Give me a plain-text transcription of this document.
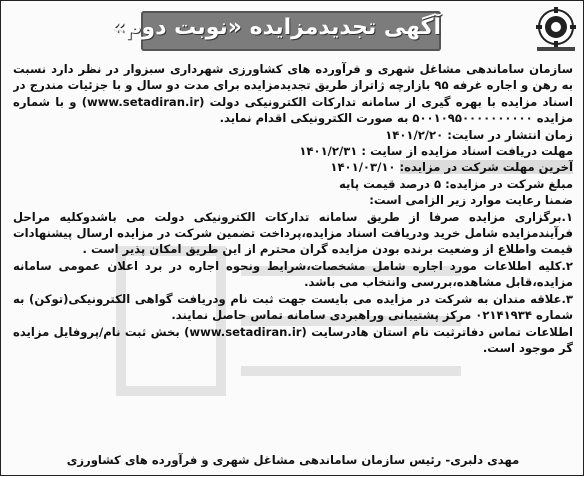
آگهی تجدیدمزایده «نوبت دوم»

سازمان ساماندهی مشاغل شهری و فرآورده های کشاورزی شهرداری سبزوار در نظر دارد نسبت به رهن و اجاره غرفه ۹۵ بازارچه ژاتراز طریق تجدیدمزایده برای مدت دو سال و با جزئیات مندرج در اسناد مزایده با بهره گیری از سامانه تدارکات الکترونیکی دولت (www.setadiran.ir) و با شماره مزایده ۵۰۰۱۰۹۵۰۰۰۰۰۰۰۰۰۰ به صورت الکترونیکی اقدام نماید.

زمان انتشار در سایت: ۱۴۰۱/۲/۲۰

مهلت دریافت اسناد مزایده از سایت : ۱۴۰۱/۲/۳۱

آخرین مهلت شرکت در مزایده: ۱۴۰۱/۰۳/۱۰

مبلغ شرکت در مزایده: ۵ درصد قیمت پایه

ضمنا رعایت موارد زیر الزامی است:

۱.برگزاری مزایده صرفا از طریق سامانه تدارکات الکترونیکی دولت می باشدوکلیه مراحل فرآیندمزایده شامل خرید ودریافت اسناد مزایده،پرداخت تضمین شرکت در مزایده ارسال پیشنهادات قیمت واطلاع از وضعیت برنده بودن مزایده گران محترم از این طریق امکان پذیر است .

۲.کلیه اطلاعات مورد اجاره شامل مشخصات،شرایط ونحوه اجاره در برد اعلان عمومی سامانه مزایده،قابل مشاهده،بررسی وانتخاب می باشد.

۳.علاقه مندان به شرکت در مزایده می بایست جهت ثبت نام ودریافت گواهی الکترونیکی(توکن) به شماره ۰۲۱۴۱۹۳۴ مرکز پشتیبانی وراهبردی سامانه تماس حاصل نمایند.

اطلاعات تماس دفاترثبت نام استان هادرسایت (www.setadiran.ir) بخش ثبت نام/پروفایل مزایده گر موجود است.

مهدی دلبری- رئیس سازمان ساماندهی مشاغل شهری و فرآورده های کشاورزی
